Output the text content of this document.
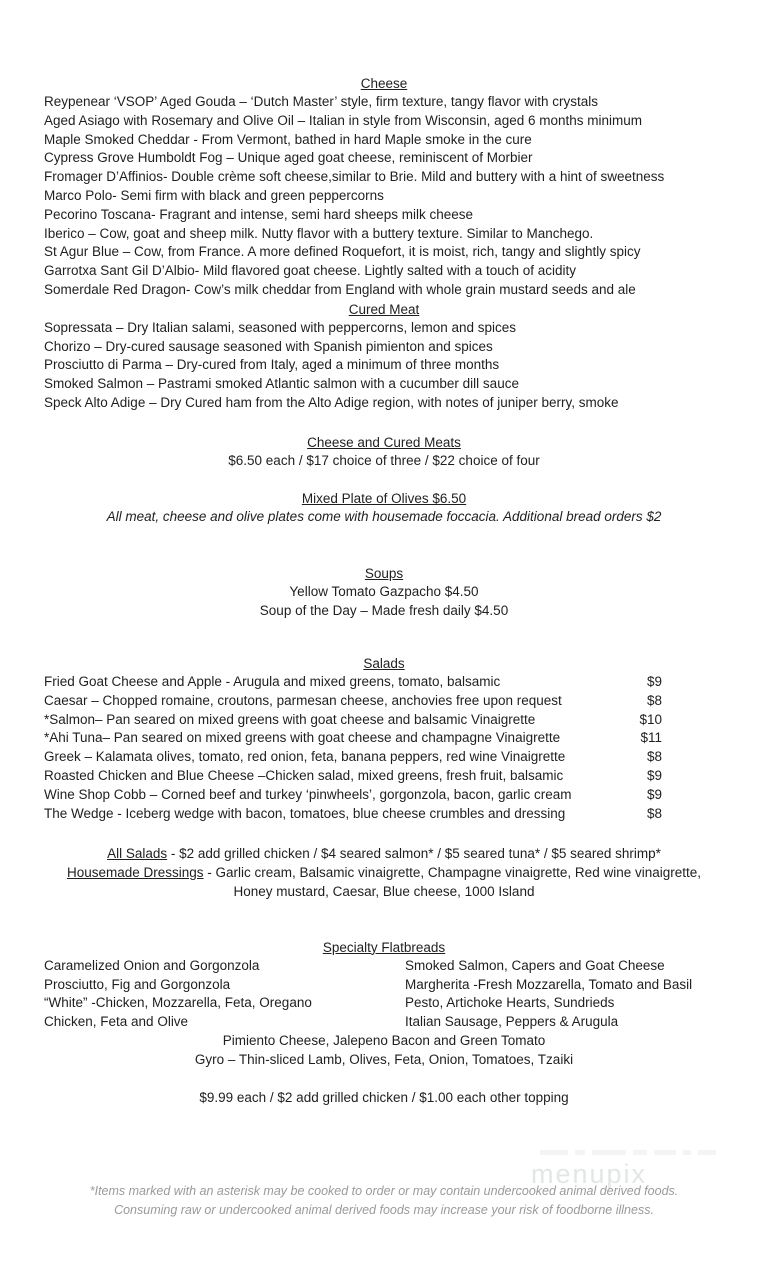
menupix
Cheese
Reypenear ‘VSOP’ Aged Gouda – ‘Dutch Master’ style, firm texture, tangy flavor with crystals
Aged Asiago with Rosemary and Olive Oil – Italian in style from Wisconsin, aged 6 months minimum
Maple Smoked Cheddar - From Vermont, bathed in hard Maple smoke in the cure
Cypress Grove Humboldt Fog – Unique aged goat cheese, reminiscent of Morbier
Fromager D’Affinios- Double crème soft cheese,similar to Brie. Mild and buttery with a hint of sweetness
Marco Polo- Semi firm with black and green peppercorns
Pecorino Toscana- Fragrant and intense, semi hard sheeps milk cheese
Iberico – Cow, goat and sheep milk. Nutty flavor with a buttery texture. Similar to Manchego.
St Agur Blue – Cow, from France. A more defined Roquefort, it is moist, rich, tangy and slightly spicy
Garrotxa Sant Gil D’Albio- Mild flavored goat cheese. Lightly salted with a touch of acidity
Somerdale Red Dragon- Cow’s milk cheddar from England with whole grain mustard seeds and ale
Cured Meat
Sopressata – Dry Italian salami, seasoned with peppercorns, lemon and spices
Chorizo – Dry-cured sausage seasoned with Spanish pimienton and spices
Prosciutto di Parma – Dry-cured from Italy, aged a minimum of three months
Smoked Salmon – Pastrami smoked Atlantic salmon with a cucumber dill sauce
Speck Alto Adige – Dry Cured ham from the Alto Adige region, with notes of juniper berry, smoke
Cheese and Cured Meats
$6.50 each / $17 choice of three / $22 choice of four
Mixed Plate of Olives $6.50
All meat, cheese and olive plates come with housemade foccacia. Additional bread orders $2
Soups
Yellow Tomato Gazpacho $4.50
Soup of the Day – Made fresh daily $4.50
Salads
Fried Goat Cheese and Apple - Arugula and mixed greens, tomato, balsamic	$9
Caesar – Chopped romaine, croutons, parmesan cheese, anchovies free upon request	$8
*Salmon– Pan seared on mixed greens with goat cheese and balsamic Vinaigrette	$10
*Ahi Tuna– Pan seared on mixed greens with goat cheese and champagne Vinaigrette	$11
Greek – Kalamata olives, tomato, red onion, feta, banana peppers, red wine Vinaigrette	$8
Roasted Chicken and Blue Cheese –Chicken salad, mixed greens, fresh fruit, balsamic	$9
Wine Shop Cobb – Corned beef and turkey ‘pinwheels’, gorgonzola, bacon, garlic cream	$9
The Wedge - Iceberg wedge with bacon, tomatoes, blue cheese crumbles and dressing	$8
All Salads - $2 add grilled chicken / $4 seared salmon* / $5 seared tuna* / $5 seared shrimp*
Housemade Dressings - Garlic cream, Balsamic vinaigrette, Champagne vinaigrette, Red wine vinaigrette, Honey mustard, Caesar, Blue cheese, 1000 Island
Specialty Flatbreads
Caramelized Onion and Gorgonzola	Smoked Salmon, Capers and Goat Cheese
Prosciutto, Fig and Gorgonzola	Margherita -Fresh Mozzarella, Tomato and Basil
“White” -Chicken, Mozzarella, Feta, Oregano	Pesto, Artichoke Hearts, Sundrieds
Chicken, Feta and Olive	Italian Sausage, Peppers & Arugula
Pimiento Cheese, Jalepeno Bacon and Green Tomato
Gyro – Thin-sliced Lamb, Olives, Feta, Onion, Tomatoes, Tzaiki
$9.99 each / $2 add grilled chicken / $1.00 each other topping
*Items marked with an asterisk may be cooked to order or may contain undercooked animal derived foods.
Consuming raw or undercooked animal derived foods may increase your risk of foodborne illness.
